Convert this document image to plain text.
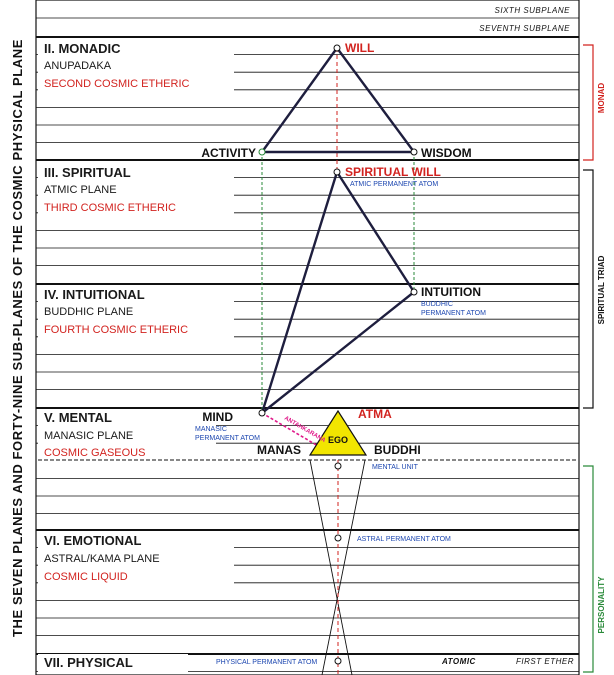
THE SEVEN PLANES AND FORTY-NINE SUB-PLANES OF THE COSMIC PHYSICAL PLANE
SIXTH SUBPLANE
SEVENTH SUBPLANE
II. MONADIC
ANUPADAKA
SECOND COSMIC ETHERIC
III. SPIRITUAL
ATMIC PLANE
THIRD COSMIC ETHERIC
IV. INTUITIONAL
BUDDHIC PLANE
FOURTH COSMIC ETHERIC
V. MENTAL
MANASIC PLANE
COSMIC GASEOUS
VI. EMOTIONAL
ASTRAL/KAMA PLANE
COSMIC LIQUID
VII. PHYSICAL
EGO
WILL
ACTIVITY	WISDOM
SPIRITUAL WILL
ATMIC PERMANENT ATOM
INTUITION
BUDDHIC
PERMANENT ATOM
MIND
MANASIC
PERMANENT ATOM
ATMA
MANAS	BUDDHI
ANTAHKARANA
MENTAL UNIT
ASTRAL PERMANENT ATOM
PHYSICAL PERMANENT ATOM	ATOMIC	FIRST ETHER
MONAD
SPIRITUAL TRIAD
PERSONALITY
